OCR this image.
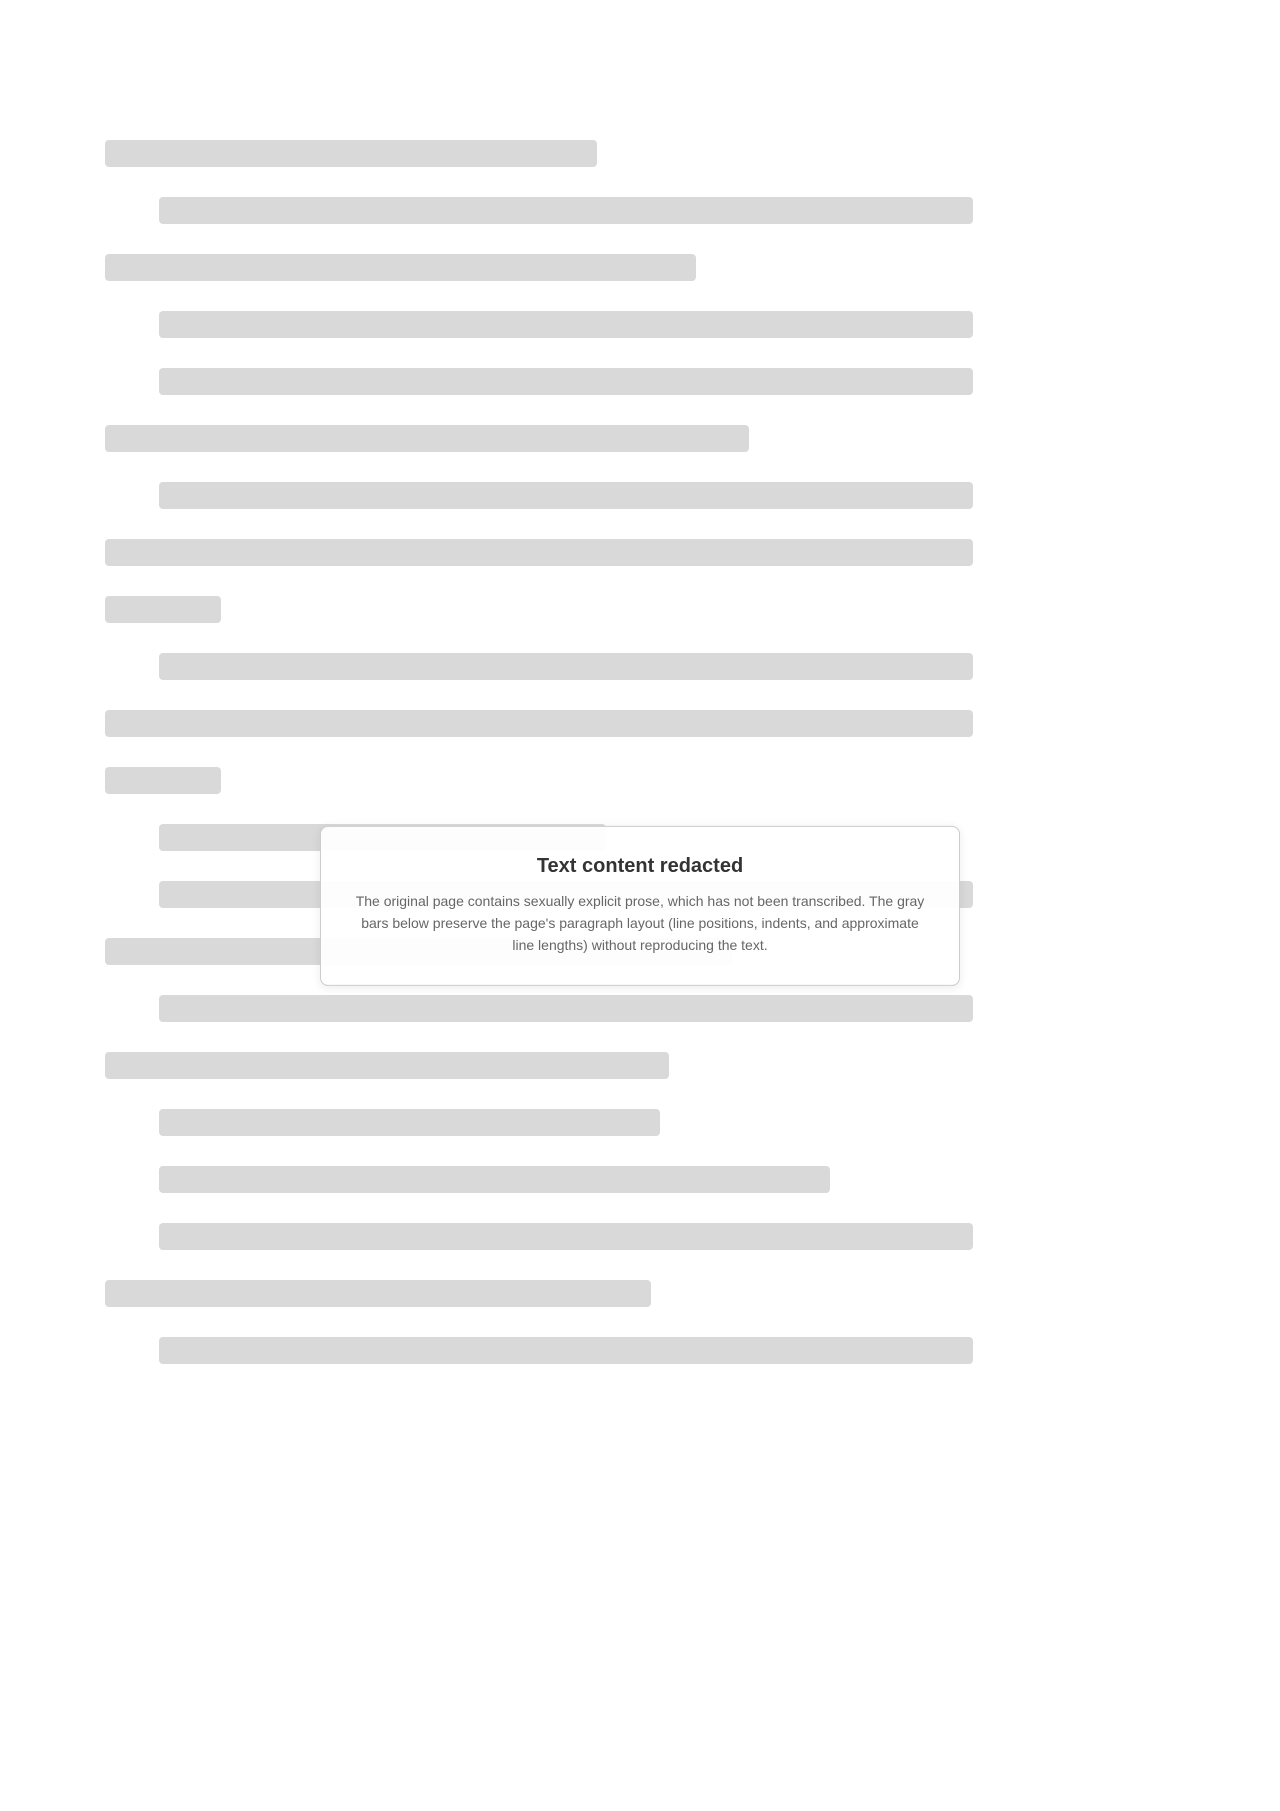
Text content redacted

The original page contains sexually explicit prose, which has not been transcribed. The gray bars below preserve the page's paragraph layout (line positions, indents, and approximate line lengths) without reproducing the text.
